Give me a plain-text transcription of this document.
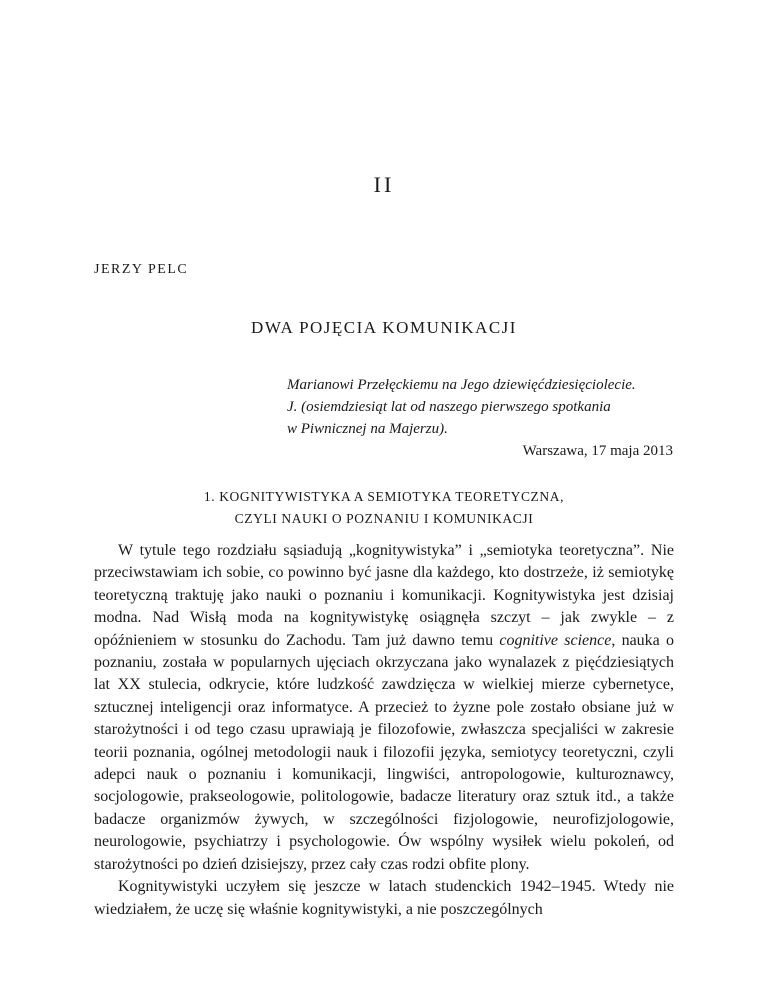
II
JERZY PELC
DWA POJĘCIA KOMUNIKACJI
Marianowi Przełęckiemu na Jego dziewięćdziesięciolecie.
J. (osiemdziesiąt lat od naszego pierwszego spotkania
w Piwnicznej na Majerzu).
Warszawa, 17 maja 2013
1. KOGNITYWISTYKA A SEMIOTYKA TEORETYCZNA,
CZYLI NAUKI O POZNANIU I KOMUNIKACJI

W tytule tego rozdziału sąsiadują „kognitywistyka” i „semiotyka teoretyczna”. Nie przeciwstawiam ich sobie, co powinno być jasne dla każdego, kto dostrzeże, iż semiotykę teoretyczną traktuję jako nauki o poznaniu i komunikacji. Kognitywistyka jest dzisiaj modna. Nad Wisłą moda na kognitywistykę osiągnęła szczyt – jak zwykle – z opóźnieniem w stosunku do Zachodu. Tam już dawno temu cognitive science, nauka o poznaniu, została w popularnych ujęciach okrzyczana jako wynalazek z pięćdziesiątych lat XX stulecia, odkrycie, które ludzkość zawdzięcza w wielkiej mierze cybernetyce, sztucznej inteligencji oraz informatyce. A przecież to żyzne pole zostało obsiane już w starożytności i od tego czasu uprawiają je filozofowie, zwłaszcza specjaliści w zakresie teorii poznania, ogólnej metodologii nauk i filozofii języka, semiotycy teoretyczni, czyli adepci nauk o poznaniu i komunikacji, lingwiści, antropologowie, kulturoznawcy, socjologowie, prakseologowie, politologowie, badacze literatury oraz sztuk itd., a także badacze organizmów żywych, w szczególności fizjologowie, neurofizjologowie, neurologowie, psychiatrzy i psychologowie. Ów wspólny wysiłek wielu pokoleń, od starożytności po dzień dzisiejszy, przez cały czas rodzi obfite plony.

Kognitywistyki uczyłem się jeszcze w latach studenckich 1942–1945. Wtedy nie wiedziałem, że uczę się właśnie kognitywistyki, a nie poszczególnych
